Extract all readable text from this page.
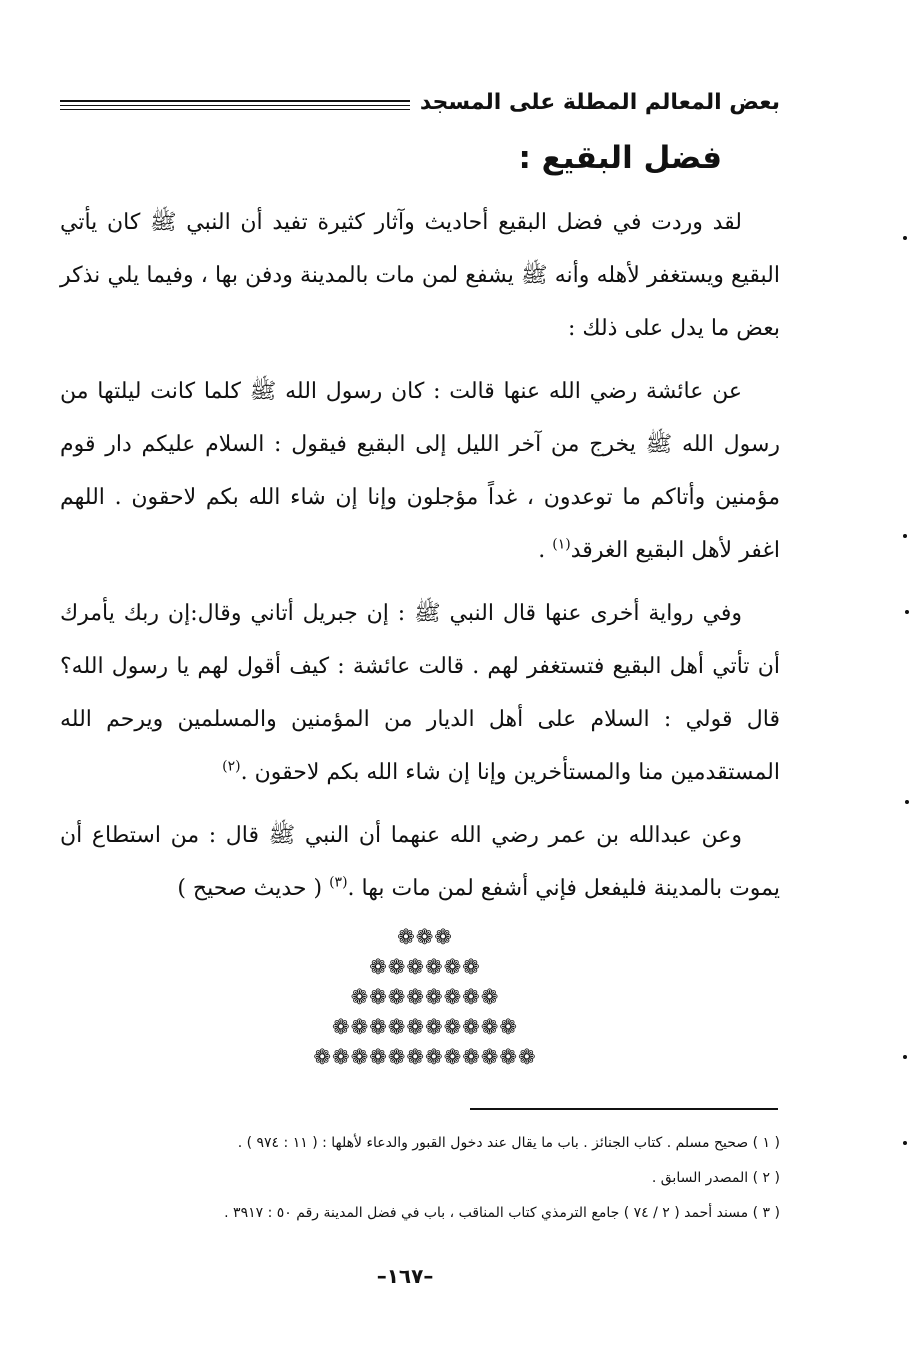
بعض المعالم المطلة على المسجد
فضل البقيع :

لقد وردت في فضل البقيع أحاديث وآثار كثيرة تفيد أن النبي ﷺ كان يأتي البقيع ويستغفر لأهله وأنه ﷺ يشفع لمن مات بالمدينة ودفن بها ، وفيما يلي نذكر بعض ما يدل على ذلك :

عن عائشة رضي الله عنها قالت : كان رسول الله ﷺ كلما كانت ليلتها من رسول الله ﷺ يخرج من آخر الليل إلى البقيع فيقول : السلام عليكم دار قوم مؤمنين وأتاكم ما توعدون ، غداً مؤجلون وإنا إن شاء الله بكم لاحقون . اللهم اغفر لأهل البقيع الغرقد$^{(١)}$ .

وفي رواية أخرى عنها قال النبي ﷺ : إن جبريل أتاني وقال:إن ربك يأمرك أن تأتي أهل البقيع فتستغفر لهم . قالت عائشة : كيف أقول لهم يا رسول الله؟ قال قولي : السلام على أهل الديار من المؤمنين والمسلمين ويرحم الله المستقدمين منا والمستأخرين وإنا إن شاء الله بكم لاحقون .$^{(٢)}$

وعن عبدالله بن عمر رضي الله عنهما أن النبي ﷺ قال : من استطاع أن يموت بالمدينة فليفعل فإني أشفع لمن مات بها .$^{(٣)}$ ( حديث صحيح )

❁❁❁
❁❁❁❁❁❁
❁❁❁❁❁❁❁❁
❁❁❁❁❁❁❁❁❁❁
❁❁❁❁❁❁❁❁❁❁❁❁
( ١ ) صحيح مسلم . كتاب الجنائز . باب ما يقال عند دخول القبور والدعاء لأهلها : ( ١١ : ٩٧٤ ) .
( ٢ ) المصدر السابق .
( ٣ ) مسند أحمد ( ٢ / ٧٤ ) جامع الترمذي كتاب المناقب ، باب في فضل المدينة رقم ٥٠ : ٣٩١٧ .
–١٦٧–
